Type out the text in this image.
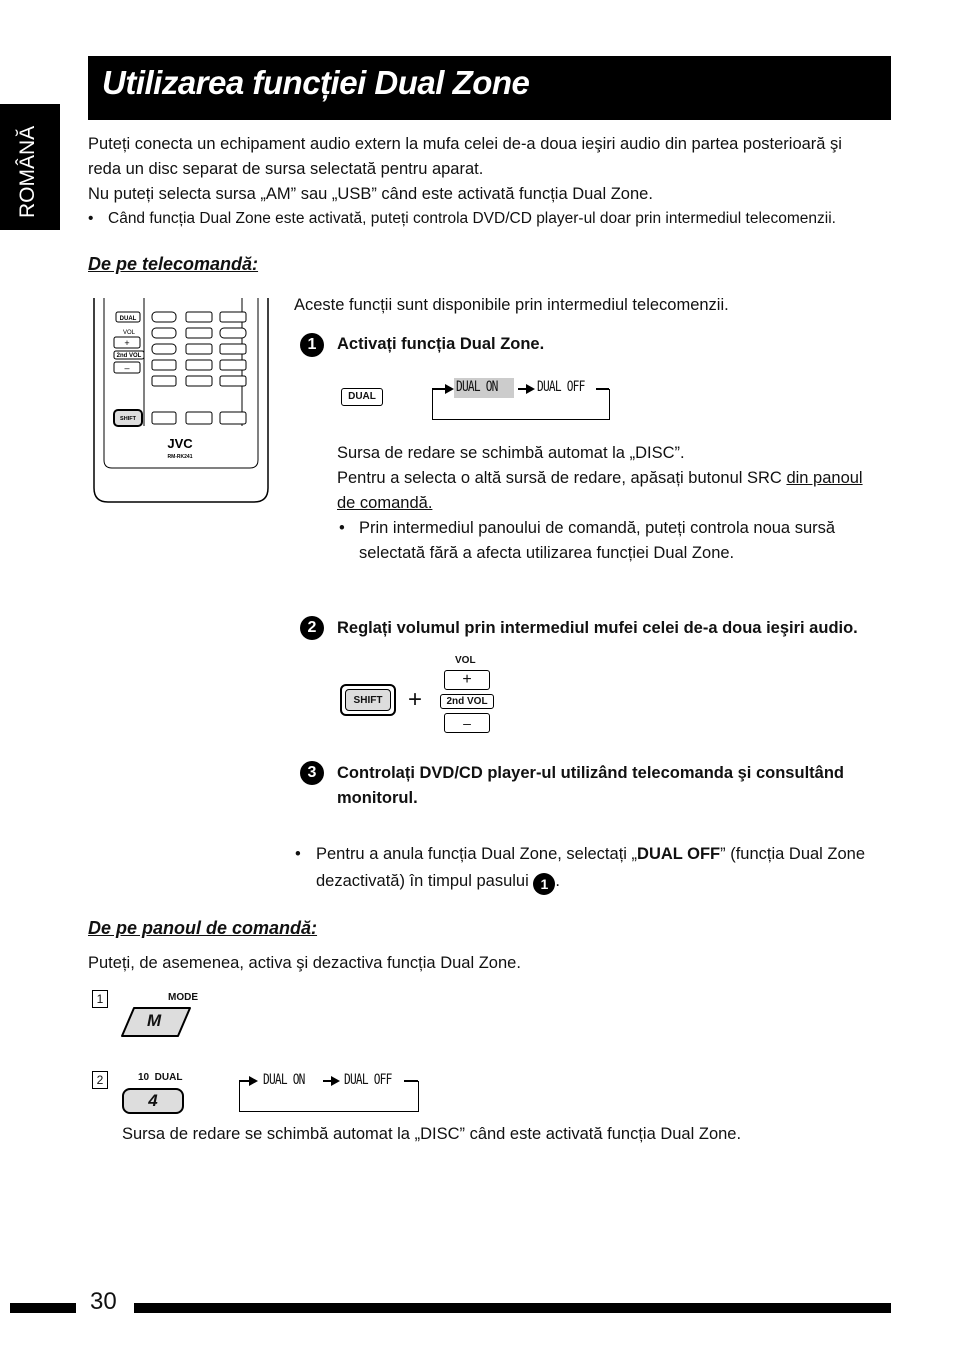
Utilizarea funcției Dual Zone
ROMÂNĂ	Puteți conecta un echipament audio extern la mufa celei de-a doua ieşiri audio din partea posterioară şi
reda un disc separat de sursa selectată pentru aparat.
Nu puteți selecta sursa „AM” sau „USB” când este activată funcția Dual Zone.
• Când funcția Dual Zone este activată, puteți controla DVD/CD player-ul doar prin intermediul telecomenzii.
De pe telecomandă:
DUAL
VOL
+
2nd VOL
–
SHIFT
JVC
RM-RK241
Aceste funcții sunt disponibile prin intermediul telecomenzii.
1	Activați funcția Dual Zone.
DUAL
DUAL ON	DUAL OFF
Sursa de redare se schimbă automat la „DISC”.
Pentru a selecta o altă sursă de redare, apăsați butonul SRC din panoul
de comandă.
• Prin intermediul panoului de comandă, puteți controla noua sursă
selectată fără a afecta utilizarea funcției Dual Zone.
2	Reglați volumul prin intermediul mufei celei de-a doua ieşiri audio.
SHIFT	+
VOL
+
2nd VOL
–
3	Controlați DVD/CD player-ul utilizând telecomanda şi consultând
monitorul.
• Pentru a anula funcția Dual Zone, selectați „DUAL OFF” (funcția Dual Zone
dezactivată) în timpul pasului 1 .
De pe panoul de comandă:
Puteți, de asemenea, activa şi dezactiva funcția Dual Zone.
1	MODE
M
2	10  DUAL
4
DUAL ON	DUAL OFF
Sursa de redare se schimbă automat la „DISC” când este activată funcția Dual Zone.
30
